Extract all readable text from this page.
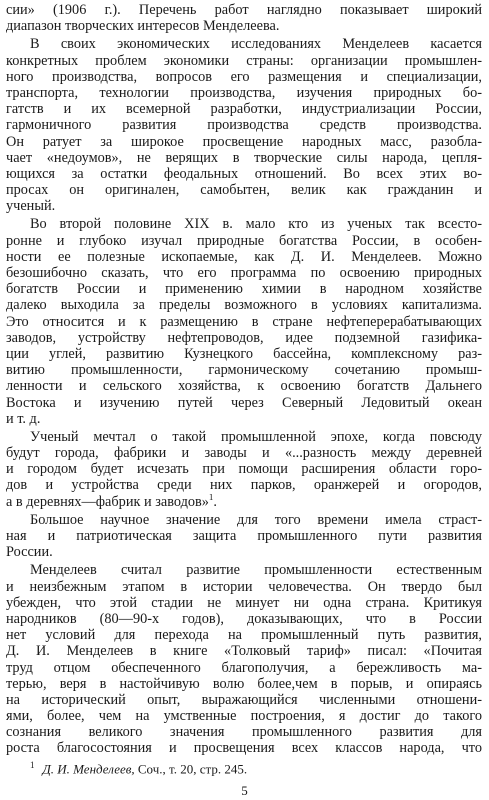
сии» (1906 г.). Перечень работ наглядно показывает широкий
диапазон творческих интересов Менделеева.
В своих экономических исследованиях Менделеев касается
конкретных проблем экономики страны: организации промышлен-
ного производства, вопросов его размещения и специализации,
транспорта, технологии производства, изучения природных бо-
гатств и их всемерной разработки, индустриализации России,
гармоничного развития производства средств производства.
Он ратует за широкое просвещение народных масс, разобла-
чает «недоумов», не верящих в творческие силы народа, цепля-
ющихся за остатки феодальных отношений. Во всех этих во-
просах он оригинален, самобытен, велик как гражданин и
ученый.
Во второй половине XIX в. мало кто из ученых так всесто-
ронне и глубоко изучал природные богатства России, в особен-
ности ее полезные ископаемые, как Д. И. Менделеев. Можно
безошибочно сказать, что его программа по освоению природных
богатств России и применению химии в народном хозяйстве
далеко выходила за пределы возможного в условиях капитализма.
Это относится и к размещению в стране нефтеперерабатывающих
заводов, устройству нефтепроводов, идее подземной газифика-
ции углей, развитию Кузнецкого бассейна, комплексному раз-
витию промышленности, гармоническому сочетанию промыш-
ленности и сельского хозяйства, к освоению богатств Дальнего
Востока и изучению путей через Северный Ледовитый океан
и т. д.
Ученый мечтал о такой промышленной эпохе, когда повсюду
будут города, фабрики и заводы и «...разность между деревней
и городом будет исчезать при помощи расширения области горо-
дов и устройства среди них парков, оранжерей и огородов,
а в деревнях—фабрик и заводов»$^1$.
Большое научное значение для того времени имела страст-
ная и патриотическая защита промышленного пути развития
России.
Менделеев считал развитие промышленности естественным
и неизбежным этапом в истории человечества. Он твердо был
убежден, что этой стадии не минует ни одна страна. Критикуя
народников (80—90-х годов), доказывающих, что в России
нет условий для перехода на промышленный путь развития,
Д. И. Менделеев в книге «Толковый тариф» писал: «Почитая
труд отцом обеспеченного благополучия, а бережливость ма-
терью, веря в настойчивую волю более,чем в порыв, и опираясь
на исторический опыт, выражающийся численными отношени-
ями, более, чем на умственные построения, я достиг до такого
сознания великого значения промышленного развития для
роста благосостояния и просвещения всех классов народа, что
$^1$ Д. И. Менделеев, Соч., т. 20, стр. 245.
5
